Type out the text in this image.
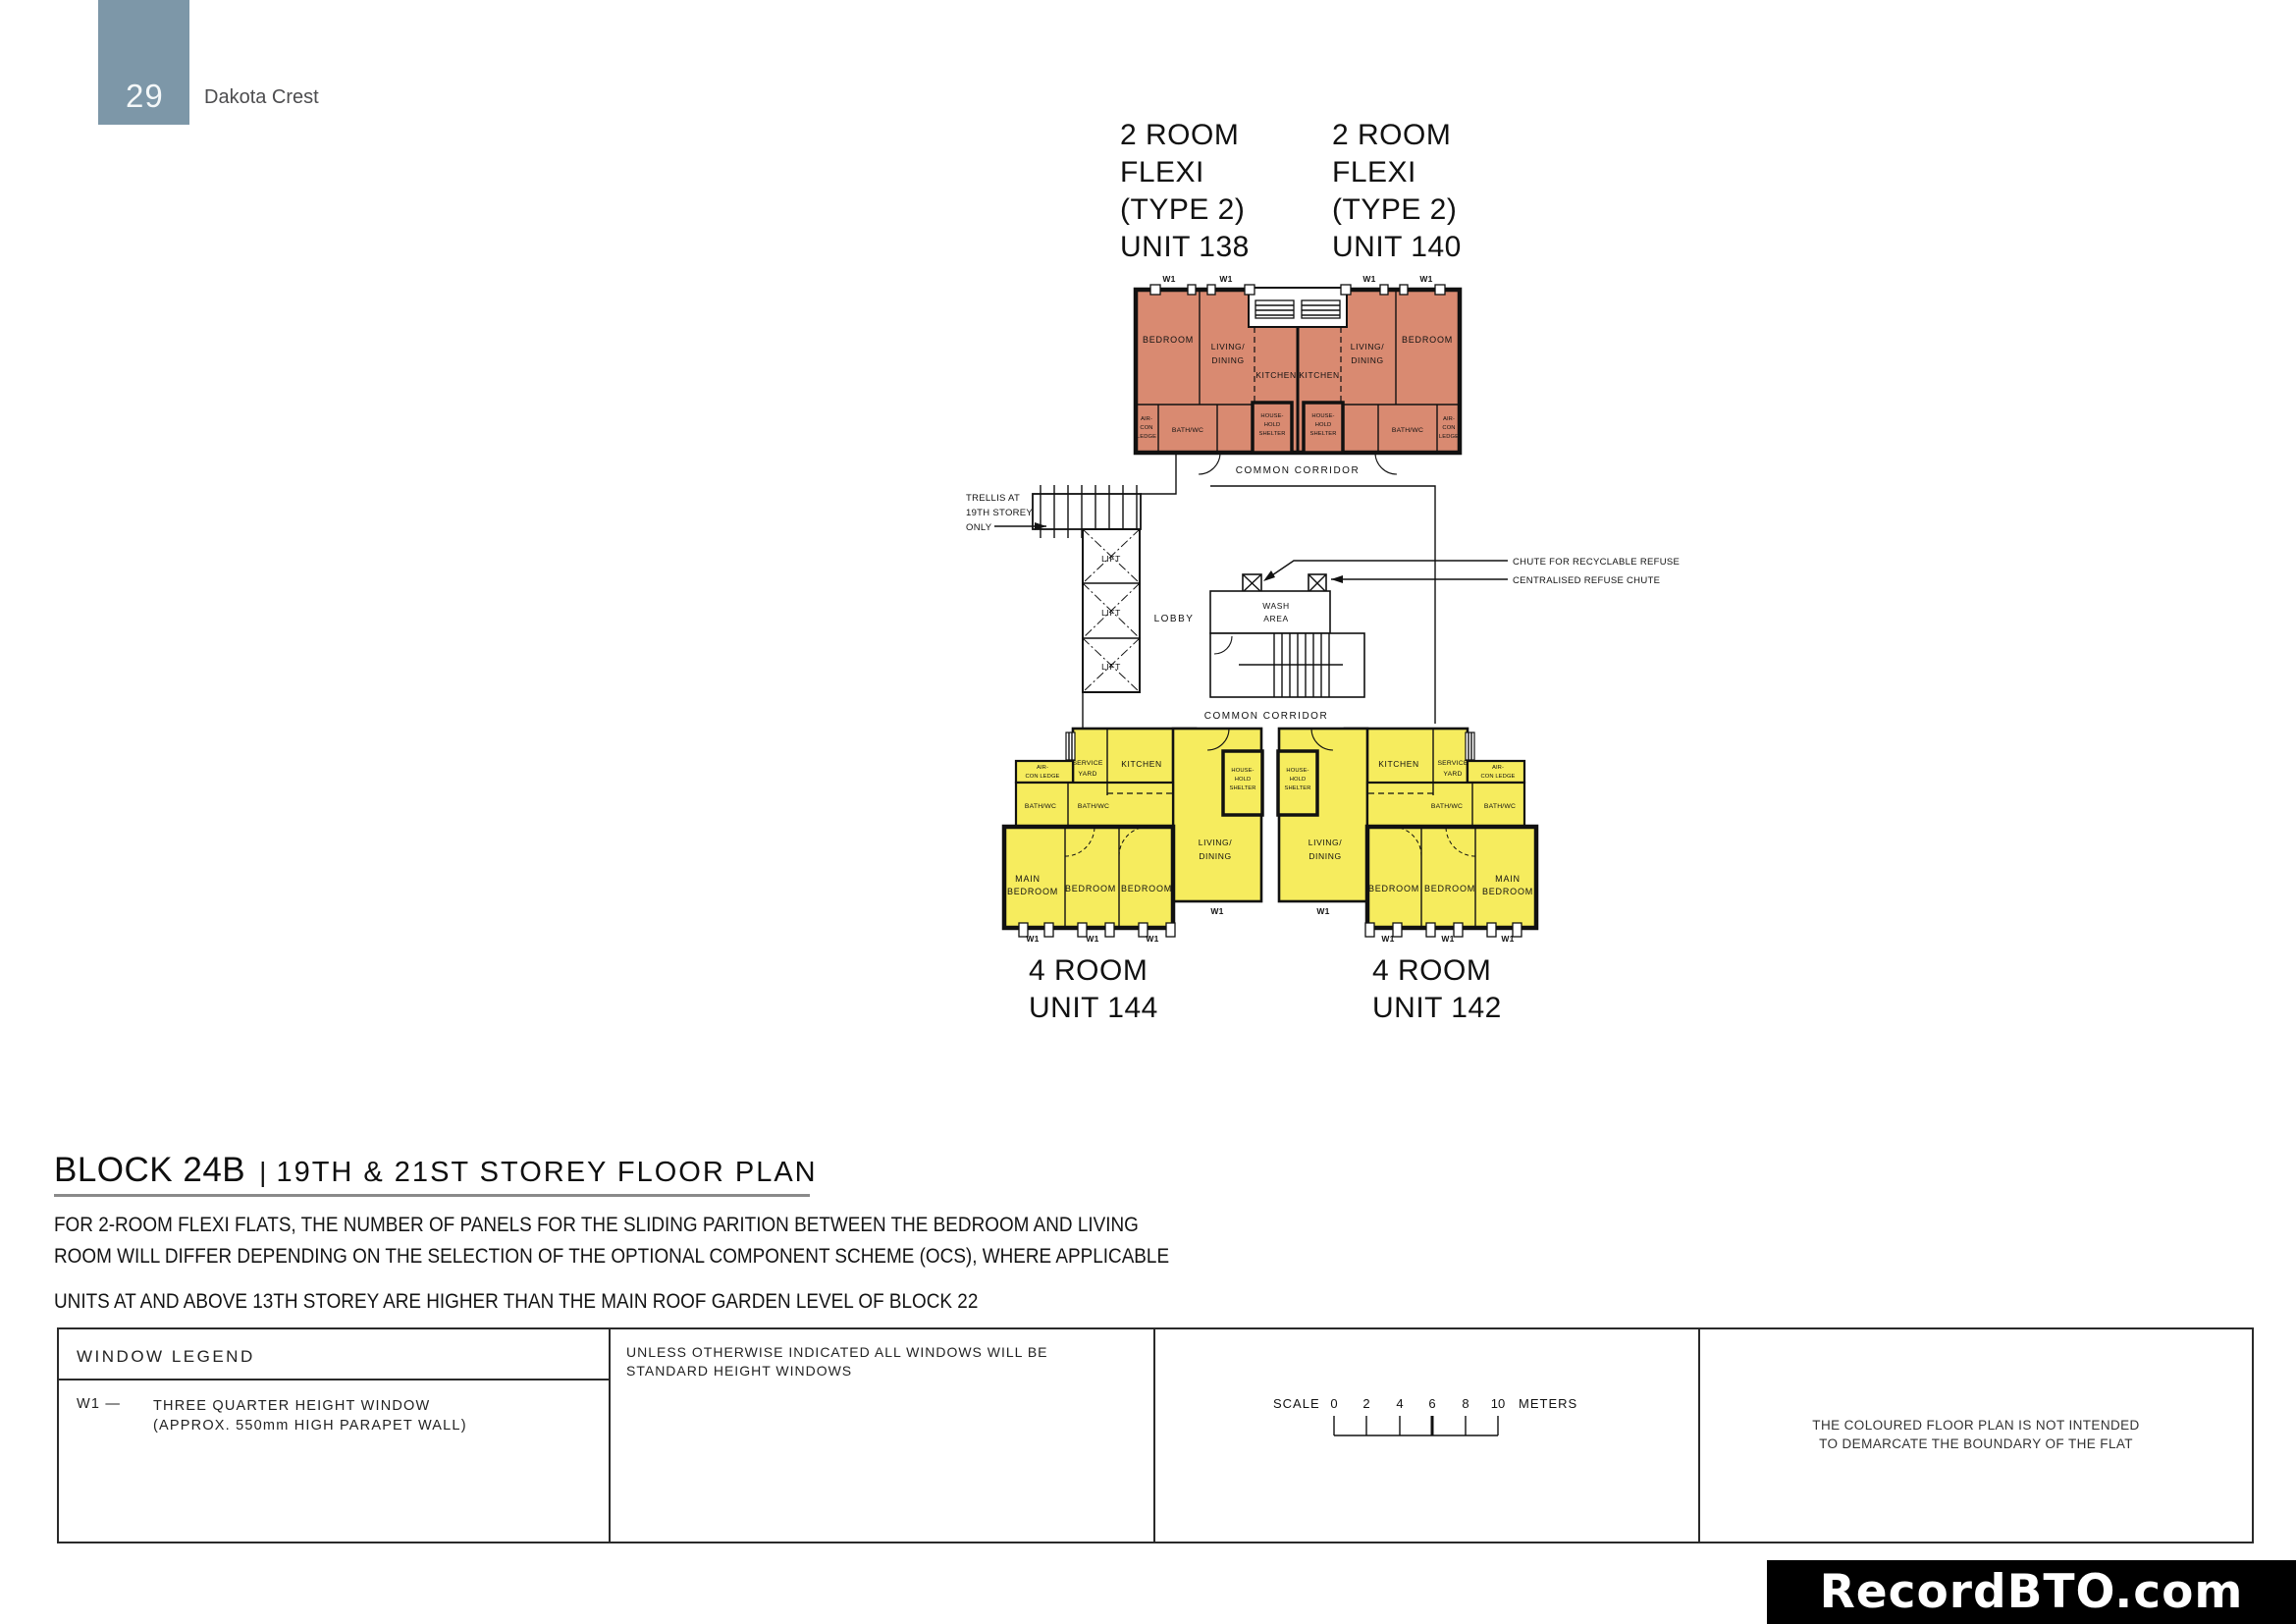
29 Dakota Crest
2 ROOM
FLEXI
(TYPE 2)
UNIT 138
2 ROOM
FLEXI
(TYPE 2)
UNIT 140
W1	W1
BEDROOM
LIVING/
DINING
KITCHEN
BATH/WC
AIR-
CON
LEDGE
HOUSE-
HOLD
SHELTER
W1	W1
BEDROOM
LIVING/
DINING
KITCHEN
BATH/WC
AIR-
CON
LEDGE
HOUSE-
HOLD
SHELTER
COMMON CORRIDOR
TRELLIS AT
19TH STOREY
ONLY
LIFT
LIFT
LIFT
LOBBY
CHUTE FOR RECYCLABLE REFUSE
CENTRALISED REFUSE CHUTE
WASH
AREA
COMMON CORRIDOR
KITCHEN
SERVICE
YARD
AIR-
CON LEDGE
BATH/WC	BATH/WC
MAIN
BEDROOM BEDROOM BEDROOM
LIVING/
DINING
HOUSE-
HOLD
SHELTER
W1	W1	W1
W1
KITCHEN	SERVICE
YARD
AIR-
CON LEDGE
BATH/WC	BATH/WC
MAIN
BEDROOM
BEDROOM BEDROOM
LIVING/
DINING
HOUSE-
HOLD
SHELTER
W1	W1	W1
W1
4 ROOM
UNIT 144
4 ROOM
UNIT 142
BLOCK 24B | 19TH & 21ST STOREY FLOOR PLAN
FOR 2-ROOM FLEXI FLATS, THE NUMBER OF PANELS FOR THE SLIDING PARITION BETWEEN THE BEDROOM AND LIVING
ROOM WILL DIFFER DEPENDING ON THE SELECTION OF THE OPTIONAL COMPONENT SCHEME (OCS), WHERE APPLICABLE
UNITS AT AND ABOVE 13TH STOREY ARE HIGHER THAN THE MAIN ROOF GARDEN LEVEL OF BLOCK 22
WINDOW LEGEND
W1 — THREE QUARTER HEIGHT WINDOW
(APPROX. 550mm HIGH PARAPET WALL)
UNLESS OTHERWISE INDICATED ALL WINDOWS WILL BE
STANDARD HEIGHT WINDOWS
SCALE 0 2 4 6 8 10 METERS
THE COLOURED FLOOR PLAN IS NOT INTENDED
TO DEMARCATE THE BOUNDARY OF THE FLAT
RecordBTO.com
